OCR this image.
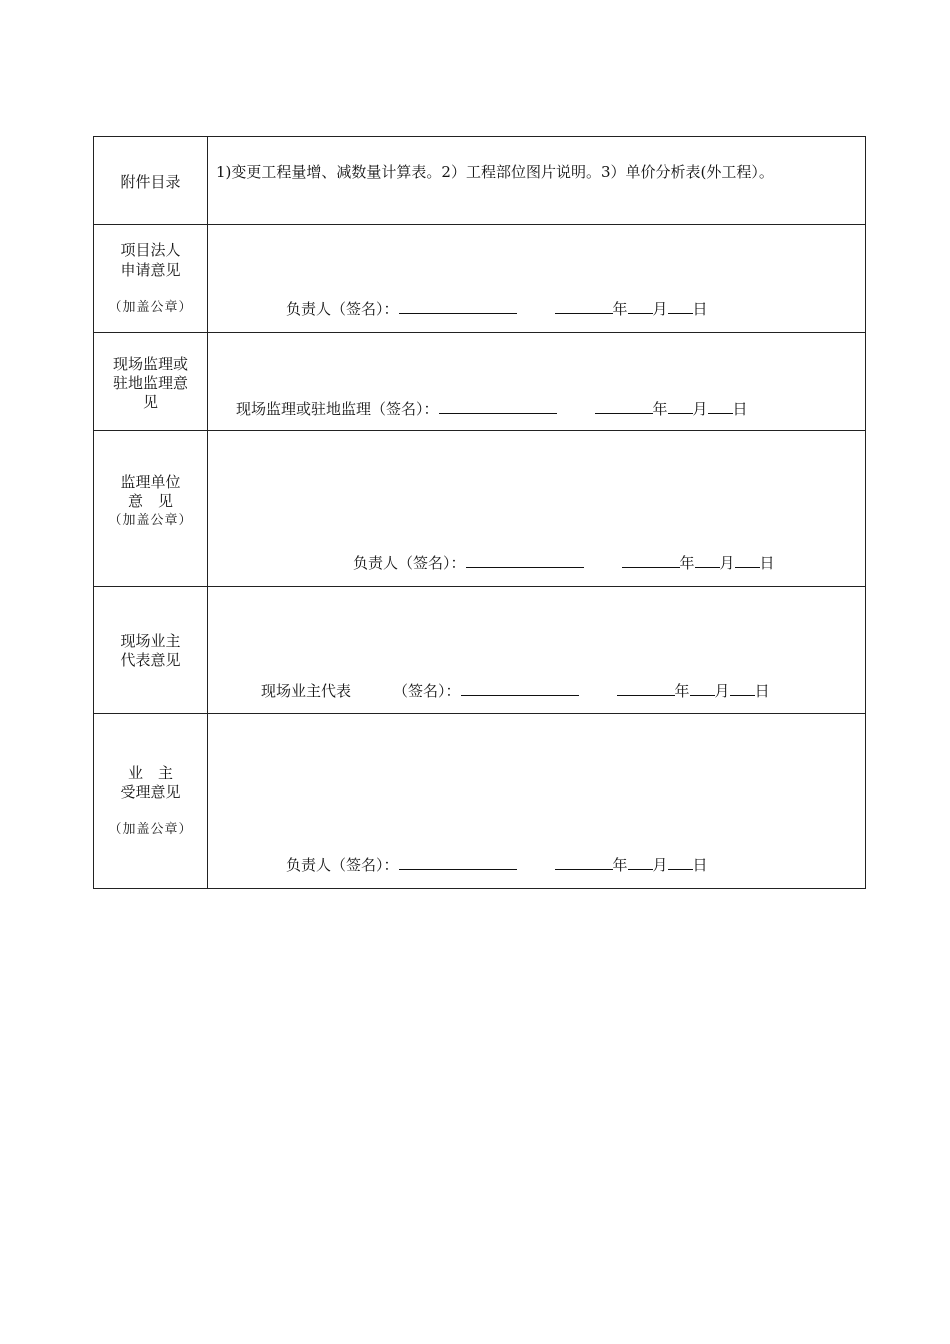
附件目录	1)变更工程量增、减数量计算表。2）工程部位图片说明。3）单价分析表(外工程）。

项目法人
申请意见
（加盖公章）	负责人（签名）： 年 月 日

现场监理或
驻地监理意
见	现场监理或驻地监理（签名）： 年 月 日

监理单位
意　见
（加盖公章）	负责人（签名）： 年 月 日

现场业主
代表意见	现场业主代表 （签名）： 年 月 日

业　主
受理意见
（加盖公章）	负责人（签名）： 年 月 日
